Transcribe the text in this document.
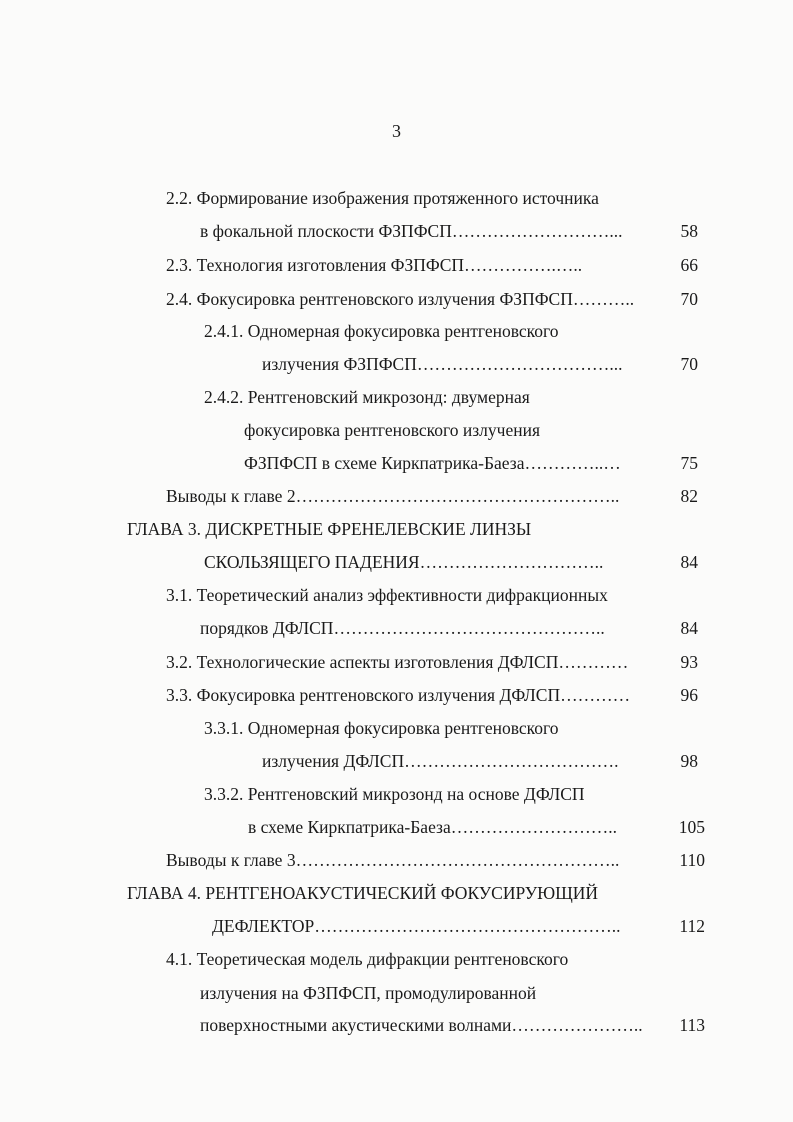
3
2.2. Формирование изображения протяженного источника
в фокальной плоскости ФЗПФСП………………………...	58
2.3. Технология изготовления ФЗПФСП…………….…..	66
2.4. Фокусировка рентгеновского излучения ФЗПФСП………..	70
2.4.1. Одномерная фокусировка рентгеновского
излучения ФЗПФСП……………………………...	70
2.4.2. Рентгеновский микрозонд: двумерная
фокусировка рентгеновского излучения
ФЗПФСП в схеме Киркпатрика-Баеза…………..…	75
Выводы к главе 2………………………………………………..	82
ГЛАВА 3. ДИСКРЕТНЫЕ ФРЕНЕЛЕВСКИЕ ЛИНЗЫ
СКОЛЬЗЯЩЕГО ПАДЕНИЯ…………………………..	84
3.1. Теоретический анализ эффективности дифракционных
порядков ДФЛСП………………………………………..	84
3.2. Технологические аспекты изготовления ДФЛСП…………	93
3.3. Фокусировка рентгеновского излучения ДФЛСП…………	96
3.3.1. Одномерная фокусировка рентгеновского
излучения ДФЛСП……………………………….	98
3.3.2. Рентгеновский микрозонд на основе ДФЛСП
в схеме Киркпатрика-Баеза………………………..	105
Выводы к главе 3………………………………………………..	110
ГЛАВА 4. РЕНТГЕНОАКУСТИЧЕСКИЙ ФОКУСИРУЮЩИЙ
ДЕФЛЕКТОР……………………………………………..	112
4.1. Теоретическая модель дифракции рентгеновского
излучения на ФЗПФСП, промодулированной
поверхностными акустическими волнами………………….. 113
